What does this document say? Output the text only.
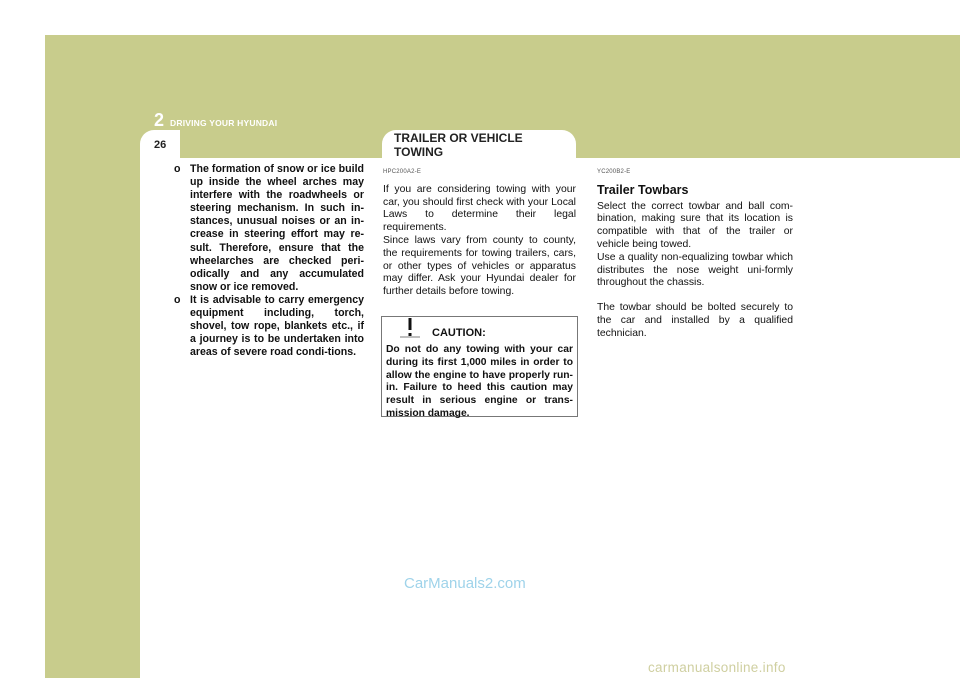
2 DRIVING YOUR HYUNDAI
26
o The formation of snow or ice build up inside the wheel arches may interfere with the roadwheels or steering mechanism. In such in-stances, unusual noises or an in-crease in steering effort may re-sult. Therefore, ensure that the wheelarches are checked peri-odically and any accumulated snow or ice removed.
o It is advisable to carry emergency equipment including, torch, shovel, tow rope, blankets etc., if a journey is to be undertaken into areas of severe road condi-tions.
TRAILER OR VEHICLE TOWING
HPC200A2-E

If you are considering towing with your car, you should first check with your Local Laws to determine their legal requirements.

Since laws vary from county to county, the requirements for towing trailers, cars, or other types of vehicles or apparatus may differ. Ask your Hyundai dealer for further details before towing.

CAUTION:
Do not do any towing with your car during its first 1,000 miles in order to allow the engine to have properly run-in. Failure to heed this caution may result in serious engine or trans-mission damage.
YC200B2-E
Trailer Towbars

Select the correct towbar and ball com-bination, making sure that its location is compatible with that of the trailer or vehicle being towed.

Use a quality non-equalizing towbar which distributes the nose weight uni-formly throughout the chassis.

The towbar should be bolted securely to the car and installed by a qualified technician.

CarManuals2.com
carmanualsonline.info
